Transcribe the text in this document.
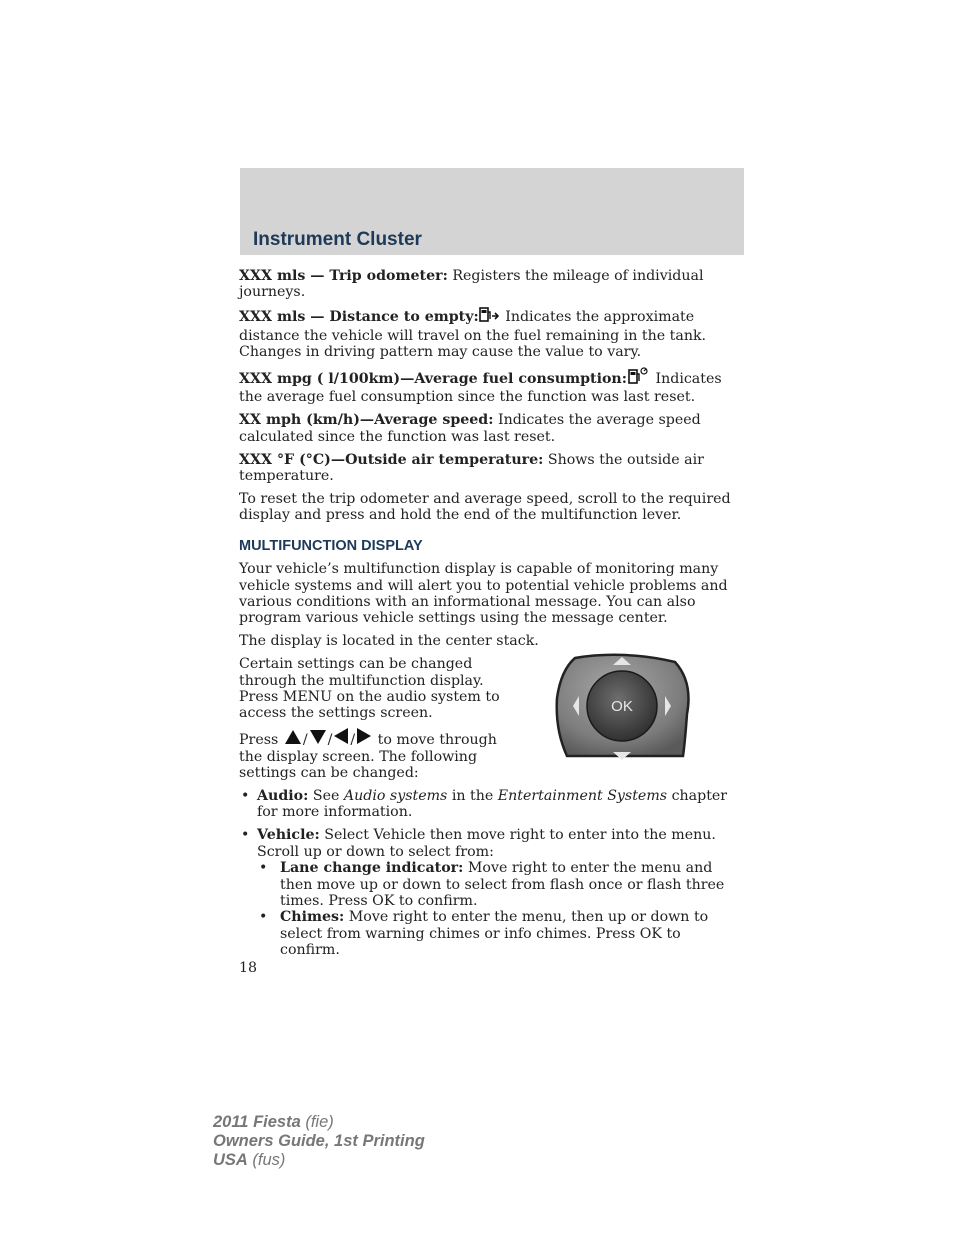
Instrument Cluster

XXX mls — Trip odometer: Registers the mileage of individual journeys.

XXX mls — Distance to empty: Indicates the approximate distance the vehicle will travel on the fuel remaining in the tank. Changes in driving pattern may cause the value to vary.

XXX mpg ( l/100km)—Average fuel consumption: Indicates the average fuel consumption since the function was last reset.

XX mph (km/h)—Average speed: Indicates the average speed calculated since the function was last reset.

XXX °F (°C)—Outside air temperature: Shows the outside air temperature.

To reset the trip odometer and average speed, scroll to the required display and press and hold the end of the multifunction lever.

MULTIFUNCTION DISPLAY

Your vehicle’s multifunction display is capable of monitoring many vehicle systems and will alert you to potential vehicle problems and various conditions with an informational message. You can also program various vehicle settings using the message center.

The display is located in the center stack.

Certain settings can be changed through the multifunction display. Press MENU on the audio system to access the settings screen.

Press / / / to move through the display screen. The following settings can be changed:

• Audio: See Audio systems in the Entertainment Systems chapter for more information.
• Vehicle: Select Vehicle then move right to enter into the menu. Scroll up or down to select from:
• Lane change indicator: Move right to enter the menu and then move up or down to select from flash once or flash three times. Press OK to confirm.
• Chimes: Move right to enter the menu, then up or down to select from warning chimes or info chimes. Press OK to confirm.
OK
18
2011 Fiesta (fie)
Owners Guide, 1st Printing
USA (fus)
